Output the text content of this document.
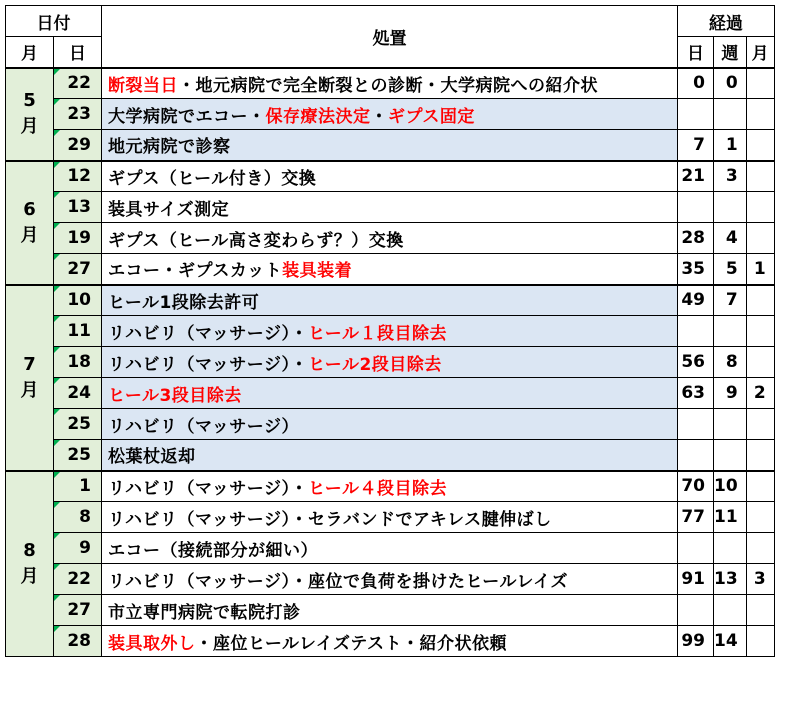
日付		処置	経過		
月	日		日	週	月
5
月	22	断裂当日・地元病院で完全断裂との診断・大学病院への紹介状	0	0	
	23	大学病院でエコー・保存療法決定・ギプス固定			
	29	地元病院で診察	7	1	
6
月	12	ギプス（ヒール付き）交換	21	3	
	13	装具サイズ測定			
	19	ギプス（ヒール高さ変わらず？）交換	28	4	
	27	エコー・ギプスカット装具装着	35	5	1
7
月	10	ヒール1段除去許可	49	7	
	11	リハビリ（マッサージ）・ヒール１段目除去			
	18	リハビリ（マッサージ）・ヒール2段目除去	56	8	
	24	ヒール3段目除去	63	9	2
	25	リハビリ（マッサージ）			
	25	松葉杖返却			
8
月	1	リハビリ（マッサージ）・ヒール４段目除去	70	10	
	8	リハビリ（マッサージ）・セラバンドでアキレス腱伸ばし	77	11	
	9	エコー（接続部分が細い）			
	22	リハビリ（マッサージ）・座位で負荷を掛けたヒールレイズ	91	13	3
	27	市立専門病院で転院打診			
	28	装具取外し・座位ヒールレイズテスト・紹介状依頼	99	14	
